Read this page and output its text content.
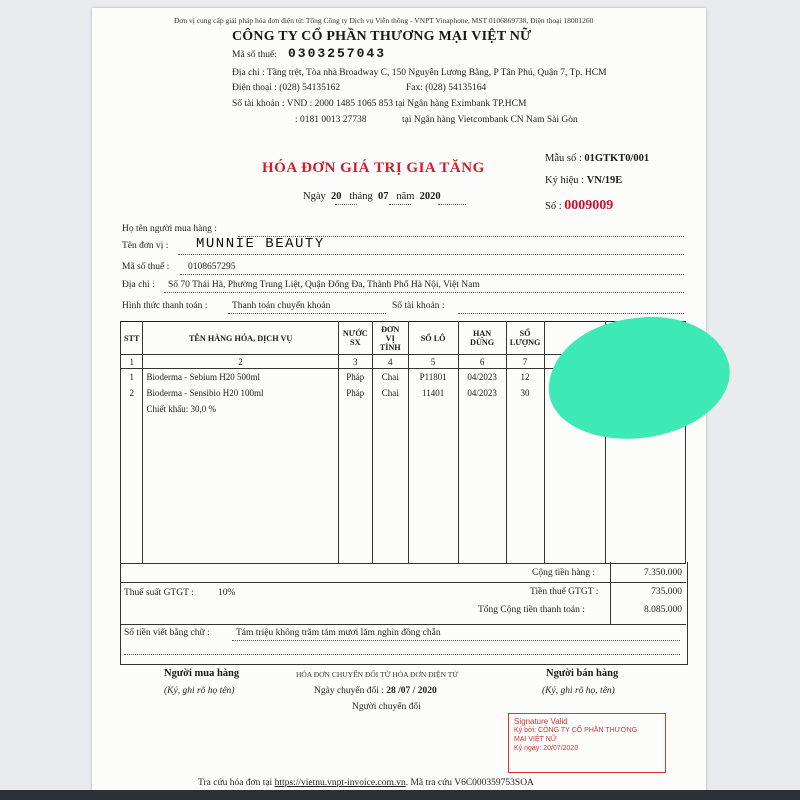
Đơn vị cung cấp giải pháp hóa đơn điện tử: Tổng Công ty Dịch vụ Viễn thông - VNPT Vinaphone, MST 0106869738, Điện thoại 18001260
CÔNG TY CỔ PHẦN THƯƠNG MẠI VIỆT NỮ
Mã số thuế: 0303257043
Địa chỉ : Tầng trệt, Tòa nhà Broadway C, 150 Nguyễn Lương Bằng, P Tân Phú, Quận 7, Tp. HCM
Điện thoại : (028) 54135162	Fax: (028) 54135164
Số tài khoản : VND : 2000 1485 1065 853 tại Ngân hàng Eximbank TP.HCM
: 0181 0013 27738	tại Ngân hàng Vietcombank CN Nam Sài Gòn
HÓA ĐƠN GIÁ TRỊ GIA TĂNG
Ngày 20 tháng 07 năm 2020
Mẫu số : 01GTKT0/001
Ký hiệu : VN/19E
Số : 0009009
Họ tên người mua hàng :
Tên đơn vị : MUNNIE BEAUTY
Mã số thuế : 0108657295
Địa chỉ : Số 70 Thái Hà, Phường Trung Liệt, Quận Đống Đa, Thành Phố Hà Nội, Việt Nam
Hình thức thanh toán :	Thanh toán chuyển khoản	Số tài khoản :
STT	TÊN HÀNG HÓA, DỊCH VỤ	NƯỚC SX	ĐƠN VỊ TÍNH	SỐ LÔ	HẠN DÙNG	SỐ LƯỢNG		
1	2	3	4	5	6	7		
1	Bioderma - Sebium H20 500ml	Pháp	Chai	P11801	04/2023	12		
2	Bioderma - Sensibio H20 100ml	Pháp	Chai	11401	04/2023	30		
	Chiết khấu: 30,0 %							

Cộng tiền hàng :	7.350.000
Thuế suất GTGT :	10%	Tiền thuế GTGT :	735.000
Tổng Cộng tiền thanh toán :	8.085.000
Số tiền viết bằng chữ :	Tám triệu không trăm tám mươi lăm nghìn đồng chẵn
Người mua hàng
(Ký, ghi rõ họ tên)
HÓA ĐƠN CHUYỂN ĐỔI TỪ HÓA ĐƠN ĐIỆN TỬ
Ngày chuyển đổi : 28 /07 / 2020
Người chuyển đổi
Người bán hàng
(Ký, ghi rõ họ, tên)
Signature Valid
Ký bởi: CÔNG TY CỔ PHẦN THƯƠNG
MẠI VIỆT NỮ
Ký ngày: 20/07/2020
Tra cứu hóa đơn tại https://vietnu.vnpt-invoice.com.vn. Mã tra cứu V6C000359753SOA
